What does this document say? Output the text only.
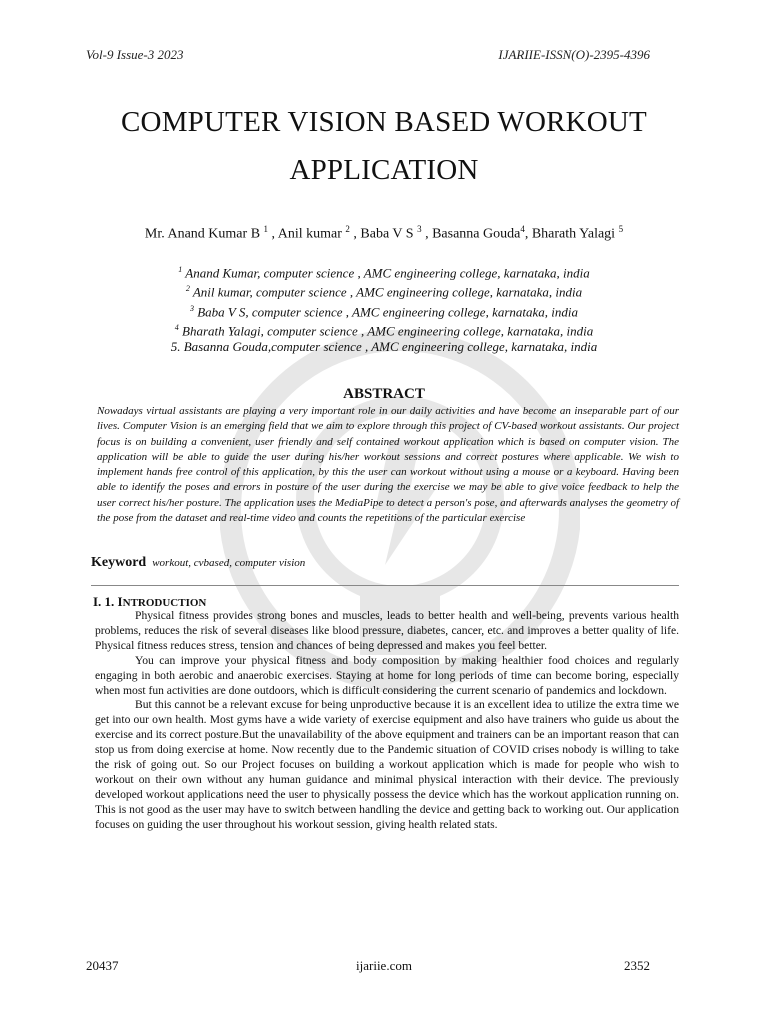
Vol-9 Issue-3 2023	IJARIIE-ISSN(O)-2395-4396
COMPUTER VISION BASED WORKOUT
APPLICATION
Mr. Anand Kumar B $^1$ , Anil kumar $^2$ , Baba V S $^3$ , Basanna Gouda$^4$, Bharath Yalagi $^5$
$^1$ Anand Kumar, computer science , AMC engineering college, karnataka, india
$^2$ Anil kumar, computer science , AMC engineering college, karnataka, india
$^3$ Baba V S, computer science , AMC engineering college, karnataka, india
$^4$ Bharath Yalagi, computer science , AMC engineering college, karnataka, india
5. Basanna Gouda,computer science , AMC engineering college, karnataka, india
ABSTRACT
Nowadays virtual assistants are playing a very important role in our daily activities and have become an inseparable part of our lives. Computer Vision is an emerging field that we aim to explore through this project of CV-based workout assistants. Our project focus is on building a convenient, user friendly and self contained workout application which is based on computer vision. The application will be able to guide the user during his/her workout sessions and correct postures where applicable. We wish to implement hands free control of this application, by this the user can workout without using a mouse or a keyboard. Having been able to identify the poses and errors in posture of the user during the exercise we may be able to give voice feedback to help the user correct his/her posture. The application uses the MediaPipe to detect a person's pose, and afterwards analyses the geometry of the pose from the dataset and real-time video and counts the repetitions of the particular exercise
Keyword workout, cvbased, computer vision
I. 1. INTRODUCTION

Physical fitness provides strong bones and muscles, leads to better health and well-being, prevents various health problems, reduces the risk of several diseases like blood pressure, diabetes, cancer, etc. and improves a better quality of life. Physical fitness reduces stress, tension and chances of being depressed and makes you feel better.

You can improve your physical fitness and body composition by making healthier food choices and regularly engaging in both aerobic and anaerobic exercises. Staying at home for long periods of time can become boring, especially when most fun activities are done outdoors, which is difficult considering the current scenario of pandemics and lockdown.

But this cannot be a relevant excuse for being unproductive because it is an excellent idea to utilize the extra time we get into our own health. Most gyms have a wide variety of exercise equipment and also have trainers who guide us about the exercise and its correct posture.But the unavailability of the above equipment and trainers can be an important reason that can stop us from doing exercise at home. Now recently due to the Pandemic situation of COVID crises nobody is willing to take the risk of going out. So our Project focuses on building a workout application which is made for people who wish to workout on their own without any human guidance and minimal physical interaction with their device. The previously developed workout applications need the user to physically possess the device which has the workout application running on. This is not good as the user may have to switch between handling the device and getting back to working out. Our application focuses on guiding the user throughout his workout session, giving health related stats.

20437	ijariie.com	2352
